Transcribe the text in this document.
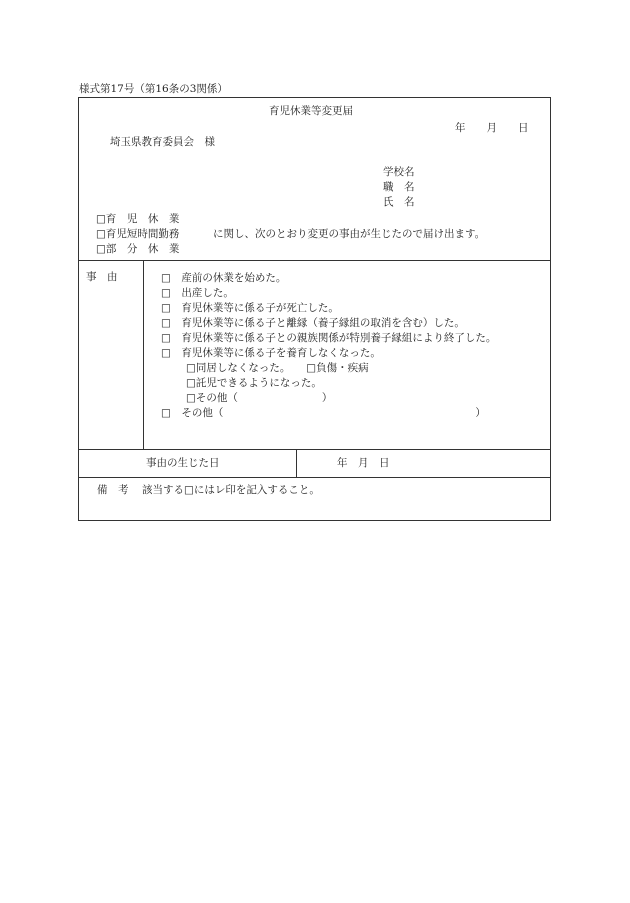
様式第17号（第16条の3関係）
育児休業等変更届
年　　月　　日
埼玉県教育委員会　様
学校名
職　名
氏　名
□育　児　休　業
□育児短時間勤務
□部　分　休　業
に関し、次のとおり変更の事由が生じたので届け出ます。
事　由	□　産前の休業を始めた。
□　出産した。
□　育児休業等に係る子が死亡した。
□　育児休業等に係る子と離縁（養子縁組の取消を含む）した。
□　育児休業等に係る子との親族関係が特別養子縁組により終了した。
□　育児休業等に係る子を養育しなくなった。
□同居しなくなった。　　□負傷・疾病
□託児できるようになった。
□その他（　　　　　　　　）
□　その他（　　　　　　　　　　　　　　　　　　　　　　　　）
事由の生じた日	年　月　日
備　考 該当する□にはレ印を記入すること。
